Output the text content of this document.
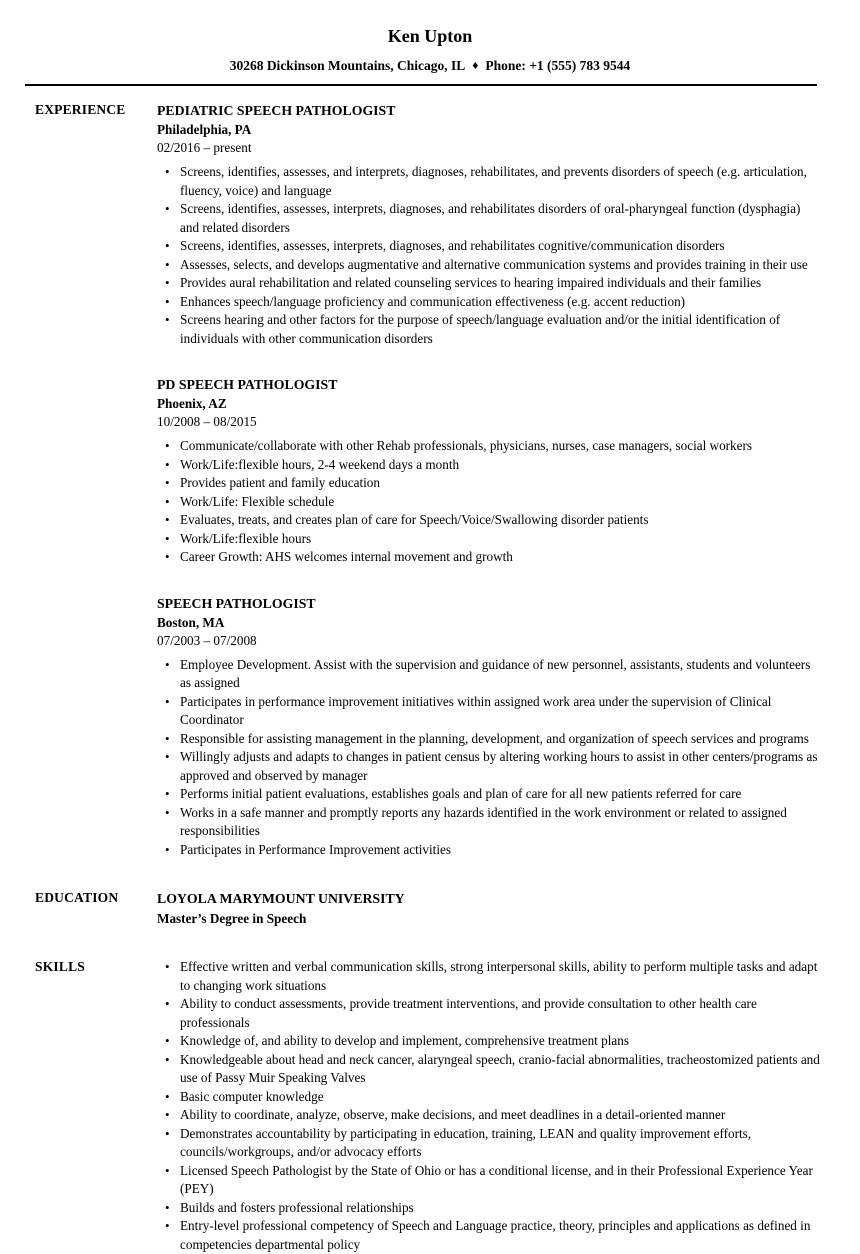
Ken Upton
30268 Dickinson Mountains, Chicago, IL ♦ Phone: +1 (555) 783 9544
EXPERIENCE	PEDIATRIC SPEECH PATHOLOGIST
Philadelphia, PA
02/2016 – present
• Screens, identifies, assesses, and interprets, diagnoses, rehabilitates, and prevents disorders of speech (e.g. articulation, fluency, voice) and language
• Screens, identifies, assesses, interprets, diagnoses, and rehabilitates disorders of oral-pharyngeal function (dysphagia) and related disorders
• Screens, identifies, assesses, interprets, diagnoses, and rehabilitates cognitive/communication disorders
• Assesses, selects, and develops augmentative and alternative communication systems and provides training in their use
• Provides aural rehabilitation and related counseling services to hearing impaired individuals and their families
• Enhances speech/language proficiency and communication effectiveness (e.g. accent reduction)
• Screens hearing and other factors for the purpose of speech/language evaluation and/or the initial identification of individuals with other communication disorders
PD SPEECH PATHOLOGIST
Phoenix, AZ
10/2008 – 08/2015
• Communicate/collaborate with other Rehab professionals, physicians, nurses, case managers, social workers
• Work/Life:flexible hours, 2-4 weekend days a month
• Provides patient and family education
• Work/Life: Flexible schedule
• Evaluates, treats, and creates plan of care for Speech/Voice/Swallowing disorder patients
• Work/Life:flexible hours
• Career Growth: AHS welcomes internal movement and growth
SPEECH PATHOLOGIST
Boston, MA
07/2003 – 07/2008
• Employee Development. Assist with the supervision and guidance of new personnel, assistants, students and volunteers as assigned
• Participates in performance improvement initiatives within assigned work area under the supervision of Clinical Coordinator
• Responsible for assisting management in the planning, development, and organization of speech services and programs
• Willingly adjusts and adapts to changes in patient census by altering working hours to assist in other centers/programs as approved and observed by manager
• Performs initial patient evaluations, establishes goals and plan of care for all new patients referred for care
• Works in a safe manner and promptly reports any hazards identified in the work environment or related to assigned responsibilities
• Participates in Performance Improvement activities
EDUCATION	LOYOLA MARYMOUNT UNIVERSITY
Master’s Degree in Speech
SKILLS	• Effective written and verbal communication skills, strong interpersonal skills, ability to perform multiple tasks and adapt to changing work situations
• Ability to conduct assessments, provide treatment interventions, and provide consultation to other health care professionals
• Knowledge of, and ability to develop and implement, comprehensive treatment plans
• Knowledgeable about head and neck cancer, alaryngeal speech, cranio-facial abnormalities, tracheostomized patients and use of Passy Muir Speaking Valves
• Basic computer knowledge
• Ability to coordinate, analyze, observe, make decisions, and meet deadlines in a detail-oriented manner
• Demonstrates accountability by participating in education, training, LEAN and quality improvement efforts, councils/workgroups, and/or advocacy efforts
• Licensed Speech Pathologist by the State of Ohio or has a conditional license, and in their Professional Experience Year (PEY)
• Builds and fosters professional relationships
• Entry-level professional competency of Speech and Language practice, theory, principles and applications as defined in competencies departmental policy
